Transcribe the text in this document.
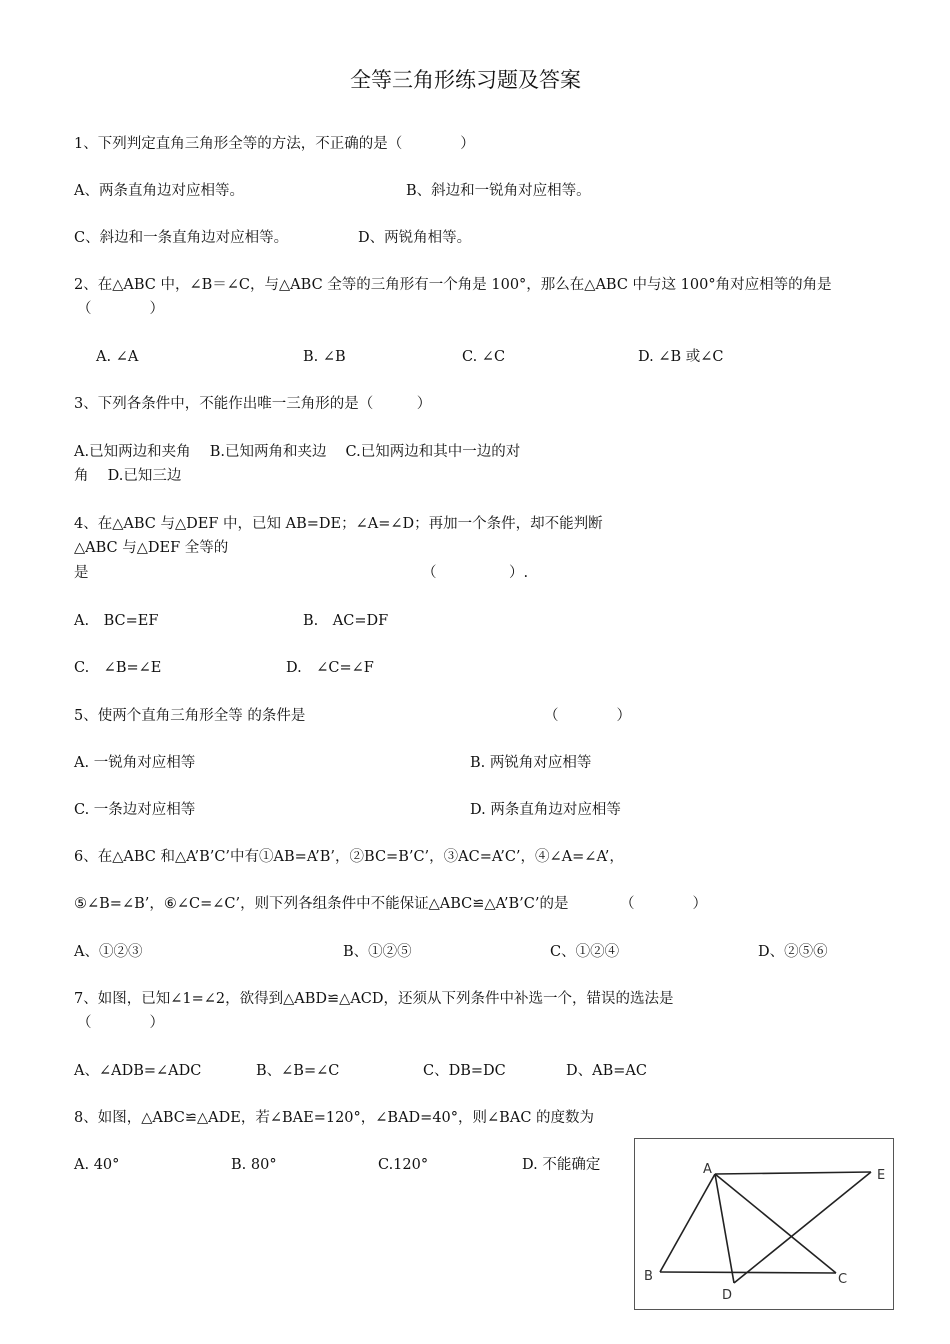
全等三角形练习题及答案
1、下列判定直角三角形全等的方法，不正确的是（　　　　）
A、两条直角边对应相等。	B、斜边和一锐角对应相等。
C、斜边和一条直角边对应相等。	D、两锐角相等。
2、在△ABC 中，∠B＝∠C，与△ABC 全等的三角形有一个角是 100°，那么在△ABC 中与这 100°角对应相等的角是
（　　　　）
A. ∠A	B. ∠B	C. ∠C	D. ∠B 或∠C
3、下列各条件中，不能作出唯一三角形的是（　　　）
A.已知两边和夹角　 B.已知两角和夹边　 C.已知两边和其中一边的对
角　 D.已知三边
4、在△ABC 与△DEF 中，已知 AB=DE；∠A=∠D；再加一个条件，却不能判断
△ABC 与△DEF 全等的
是	（　　　　　）.
A.　BC=EF	B.　AC=DF
C.　∠B=∠E	D.　∠C=∠F
5、使两个直角三角形全等 的条件是	（　　　　）
A. 一锐角对应相等	B. 两锐角对应相等
C. 一条边对应相等	D. 两条直角边对应相等
6、在△ABC 和△A’B’C’中有①AB=A’B’，②BC=B’C’，③AC=A’C’，④∠A=∠A’，
⑤∠B=∠B’，⑥∠C=∠C’，则下列各组条件中不能保证△ABC≌△A’B’C’的是	（　　　　）
A、①②③	B、①②⑤	C、①②④	D、②⑤⑥
7、如图，已知∠1=∠2，欲得到△ABD≌△ACD，还须从下列条件中补选一个，错误的选法是
（　　　　）
A、∠ADB=∠ADC	B、∠B=∠C	C、DB=DC	D、AB=AC
8、如图，△ABC≌△ADE，若∠BAE=120°，∠BAD=40°，则∠BAC 的度数为
A. 40°	B. 80°	C.120°	D. 不能确定	A
B	C
D
E
